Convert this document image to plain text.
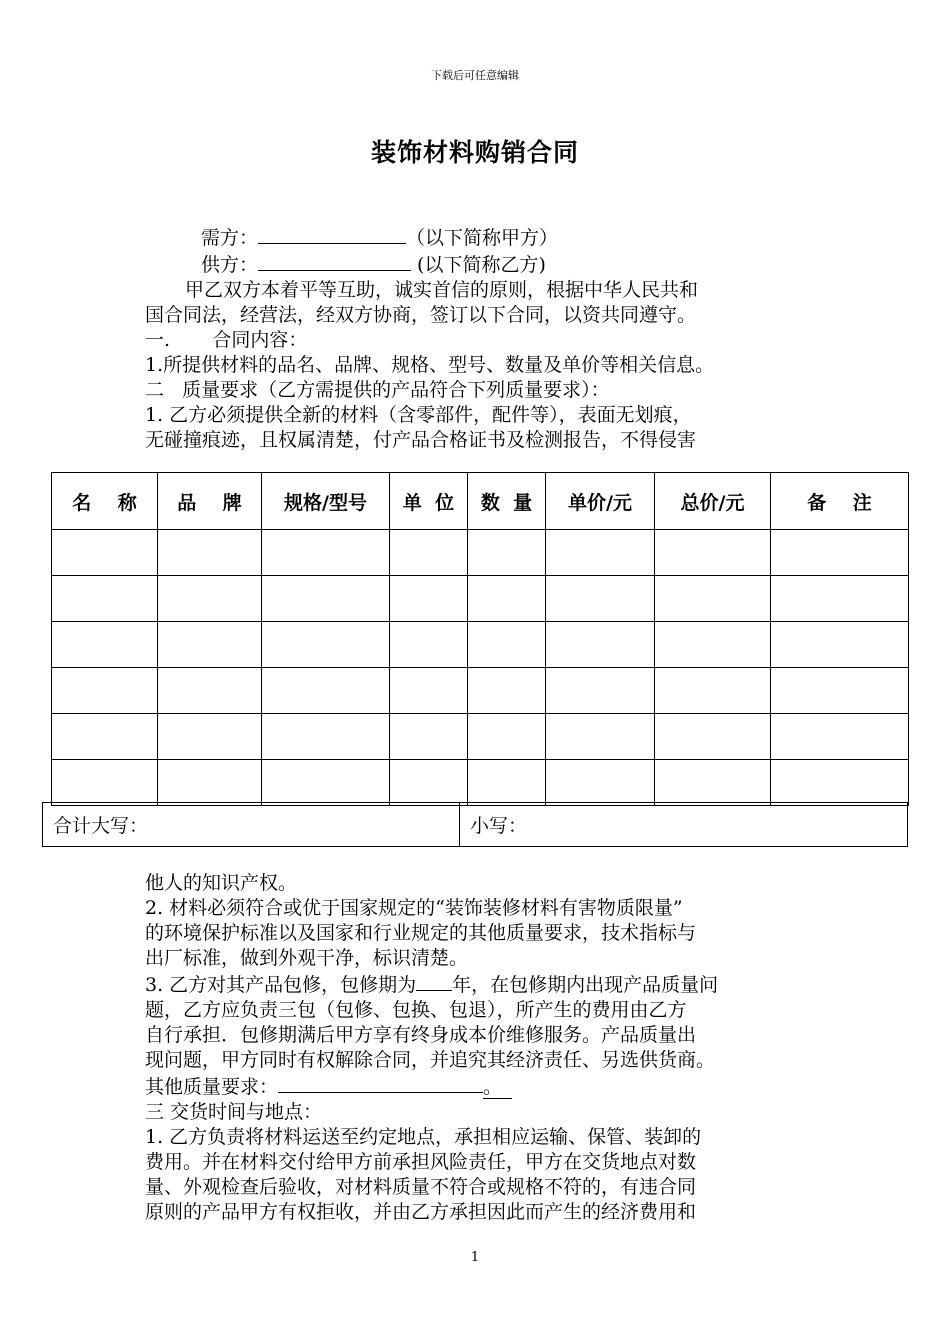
下载后可任意编辑
装饰材料购销合同

需方：	（以下简称甲方）

供方：	(以下简称乙方)

甲乙双方本着平等互助，诚实首信的原则，根据中华人民共和

国合同法，经营法，经双方协商，签订以下合同，以资共同遵守。

一.       合同内容：

1.所提供材料的品名、品牌、规格、型号、数量及单价等相关信息。

二   质量要求（乙方需提供的产品符合下列质量要求）：

1. 乙方必须提供全新的材料（含零部件，配件等），表面无划痕，

无碰撞痕迹，且权属清楚，付产品合格证书及检测报告，不得侵害

名    称	品    牌	规格/型号	单  位	数  量	单价/元	总价/元	备    注

合计大写：	小写：

他人的知识产权。

2. 材料必须符合或优于国家规定的“装饰装修材料有害物质限量”

的环境保护标准以及国家和行业规定的其他质量要求，技术指标与

出厂标准，做到外观干净，标识清楚。

3. 乙方对其产品包修，包修期为 年，在包修期内出现产品质量问

题，乙方应负责三包（包修、包换、包退），所产生的费用由乙方

自行承担．包修期满后甲方享有终身成本价维修服务。产品质量出

现问题，甲方同时有权解除合同，并追究其经济责任、另选供货商。

其他质量要求：	。

三 交货时间与地点：

1. 乙方负责将材料运送至约定地点，承担相应运输、保管、装卸的

费用。并在材料交付给甲方前承担风险责任，甲方在交货地点对数

量、外观检查后验收，对材料质量不符合或规格不符的，有违合同

原则的产品甲方有权拒收，并由乙方承担因此而产生的经济费用和

1
